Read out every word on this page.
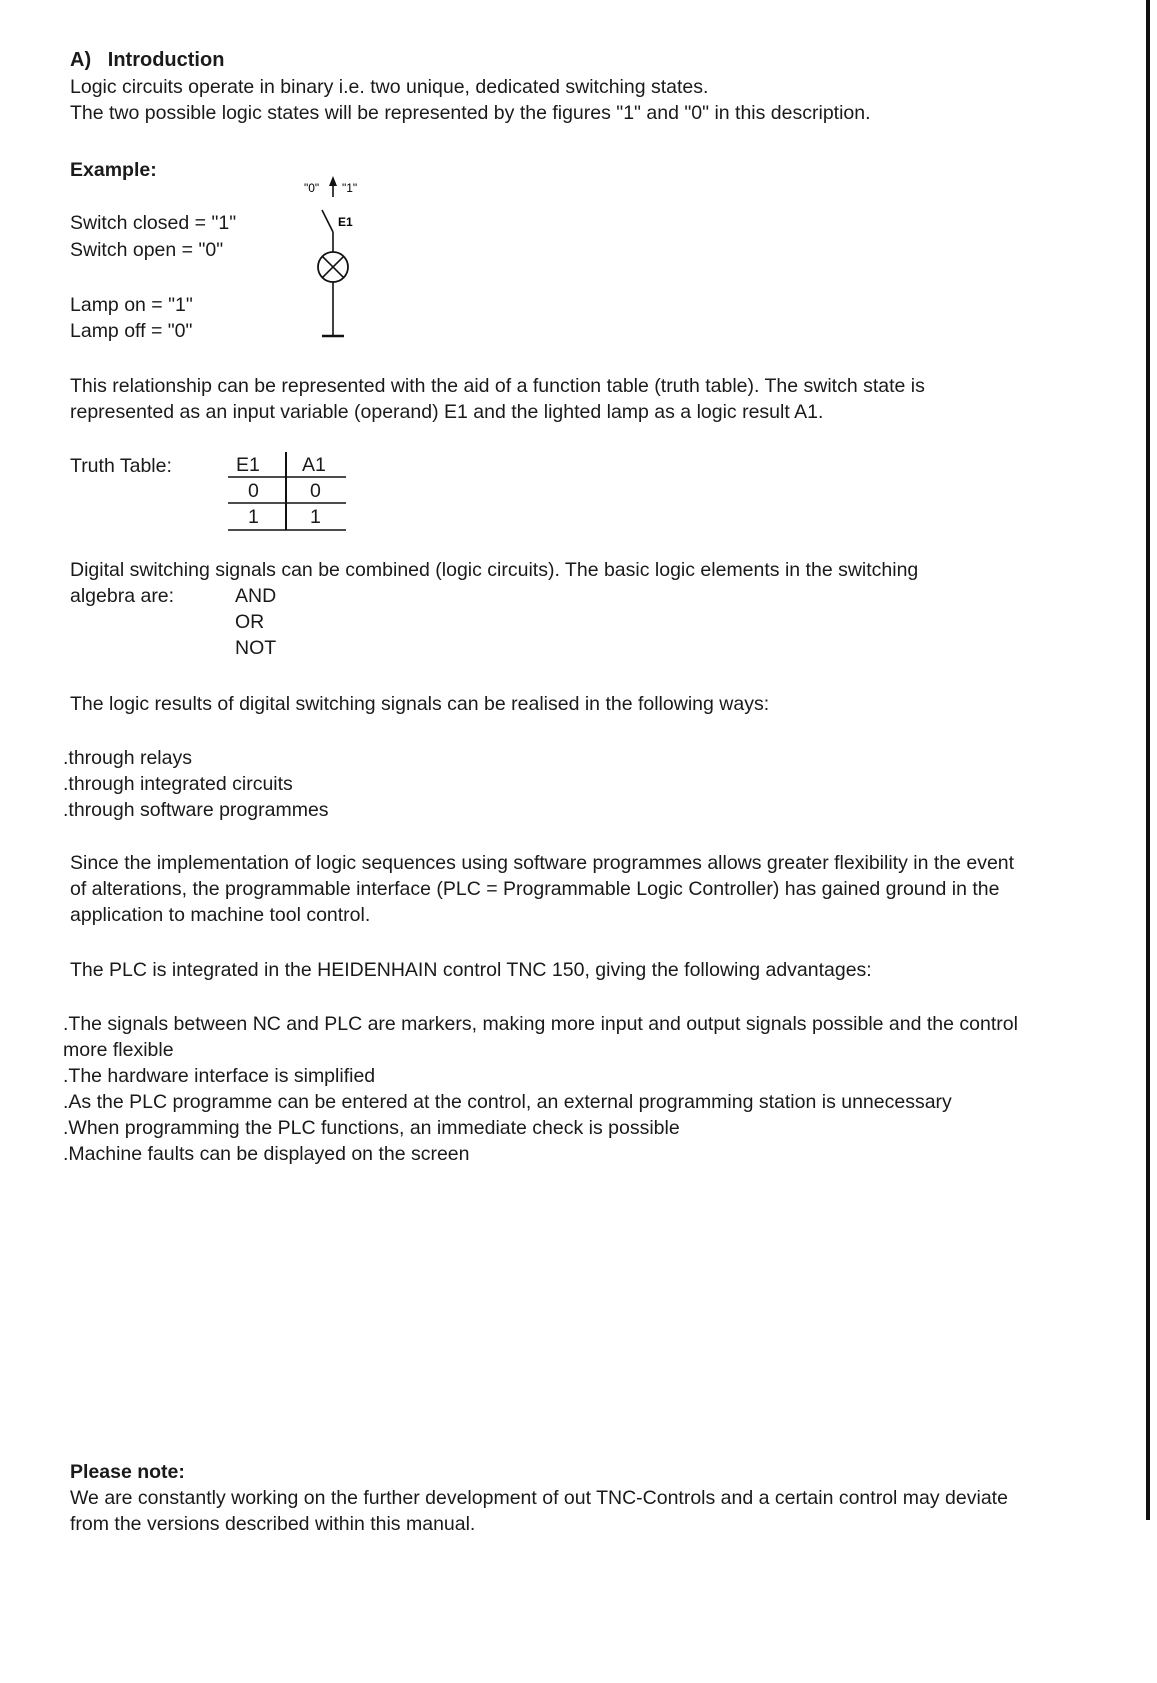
A) Introduction
Logic circuits operate in binary i.e. two unique, dedicated switching states.
The two possible logic states will be represented by the figures "1" and "0" in this description.
Example:
Switch closed = "1"
Switch open = "0"
Lamp on = "1"
Lamp off = "0"
"0" "1"
E1
This relationship can be represented with the aid of a function table (truth table). The switch state is
represented as an input variable (operand) E1 and the lighted lamp as a logic result A1.
Truth Table:	E1 A1
0	0
1	1
Digital switching signals can be combined (logic circuits). The basic logic elements in the switching
algebra are:	AND
OR
NOT
The logic results of digital switching signals can be realised in the following ways:
.through relays
.through integrated circuits
.through software programmes
Since the implementation of logic sequences using software programmes allows greater flexibility in the event
of alterations, the programmable interface (PLC = Programmable Logic Controller) has gained ground in the
application to machine tool control.
The PLC is integrated in the HEIDENHAIN control TNC 150, giving the following advantages:
.The signals between NC and PLC are markers, making more input and output signals possible and the control
more flexible
.The hardware interface is simplified
.As the PLC programme can be entered at the control, an external programming station is unnecessary
.When programming the PLC functions, an immediate check is possible
.Machine faults can be displayed on the screen
Please note:
We are constantly working on the further development of out TNC-Controls and a certain control may deviate
from the versions described within this manual.
